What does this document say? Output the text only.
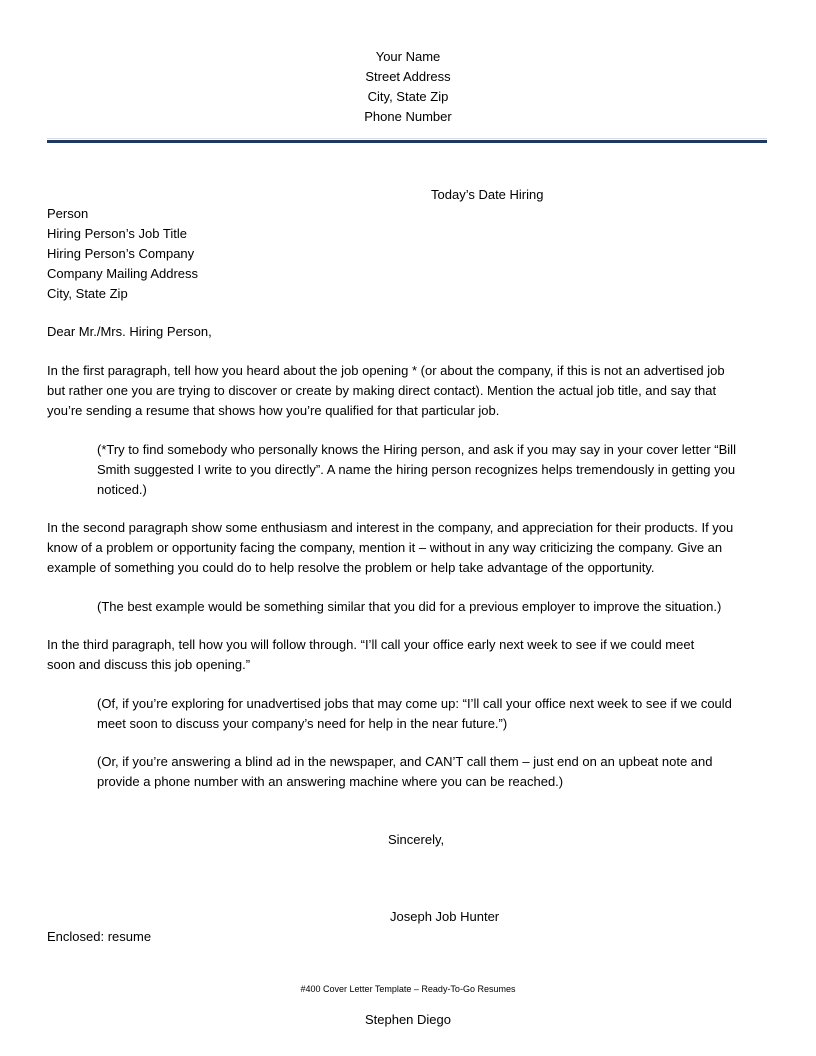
Your Name
Street Address
City, State Zip
Phone Number
Today’s Date Hiring
Person
Hiring Person’s Job Title
Hiring Person’s Company
Company Mailing Address
City, State Zip
Dear Mr./Mrs. Hiring Person,
In the first paragraph, tell how you heard about the job opening * (or about the company, if this is not an advertised job
but rather one you are trying to discover or create by making direct contact). Mention the actual job title, and say that
you’re sending a resume that shows how you’re qualified for that particular job.
(*Try to find somebody who personally knows the Hiring person, and ask if you may say in your cover letter “Bill
Smith suggested I write to you directly”. A name the hiring person recognizes helps tremendously in getting you
noticed.)
In the second paragraph show some enthusiasm and interest in the company, and appreciation for their products. If you
know of a problem or opportunity facing the company, mention it – without in any way criticizing the company. Give an
example of something you could do to help resolve the problem or help take advantage of the opportunity.
(The best example would be something similar that you did for a previous employer to improve the situation.)
In the third paragraph, tell how you will follow through. “I’ll call your office early next week to see if we could meet
soon and discuss this job opening.”
(Of, if you’re exploring for unadvertised jobs that may come up: “I’ll call your office next week to see if we could
meet soon to discuss your company’s need for help in the near future.”)
(Or, if you’re answering a blind ad in the newspaper, and CAN’T call them – just end on an upbeat note and
provide a phone number with an answering machine where you can be reached.)
Sincerely,
Joseph Job Hunter
Enclosed: resume
#400 Cover Letter Template – Ready-To-Go Resumes
Stephen Diego
